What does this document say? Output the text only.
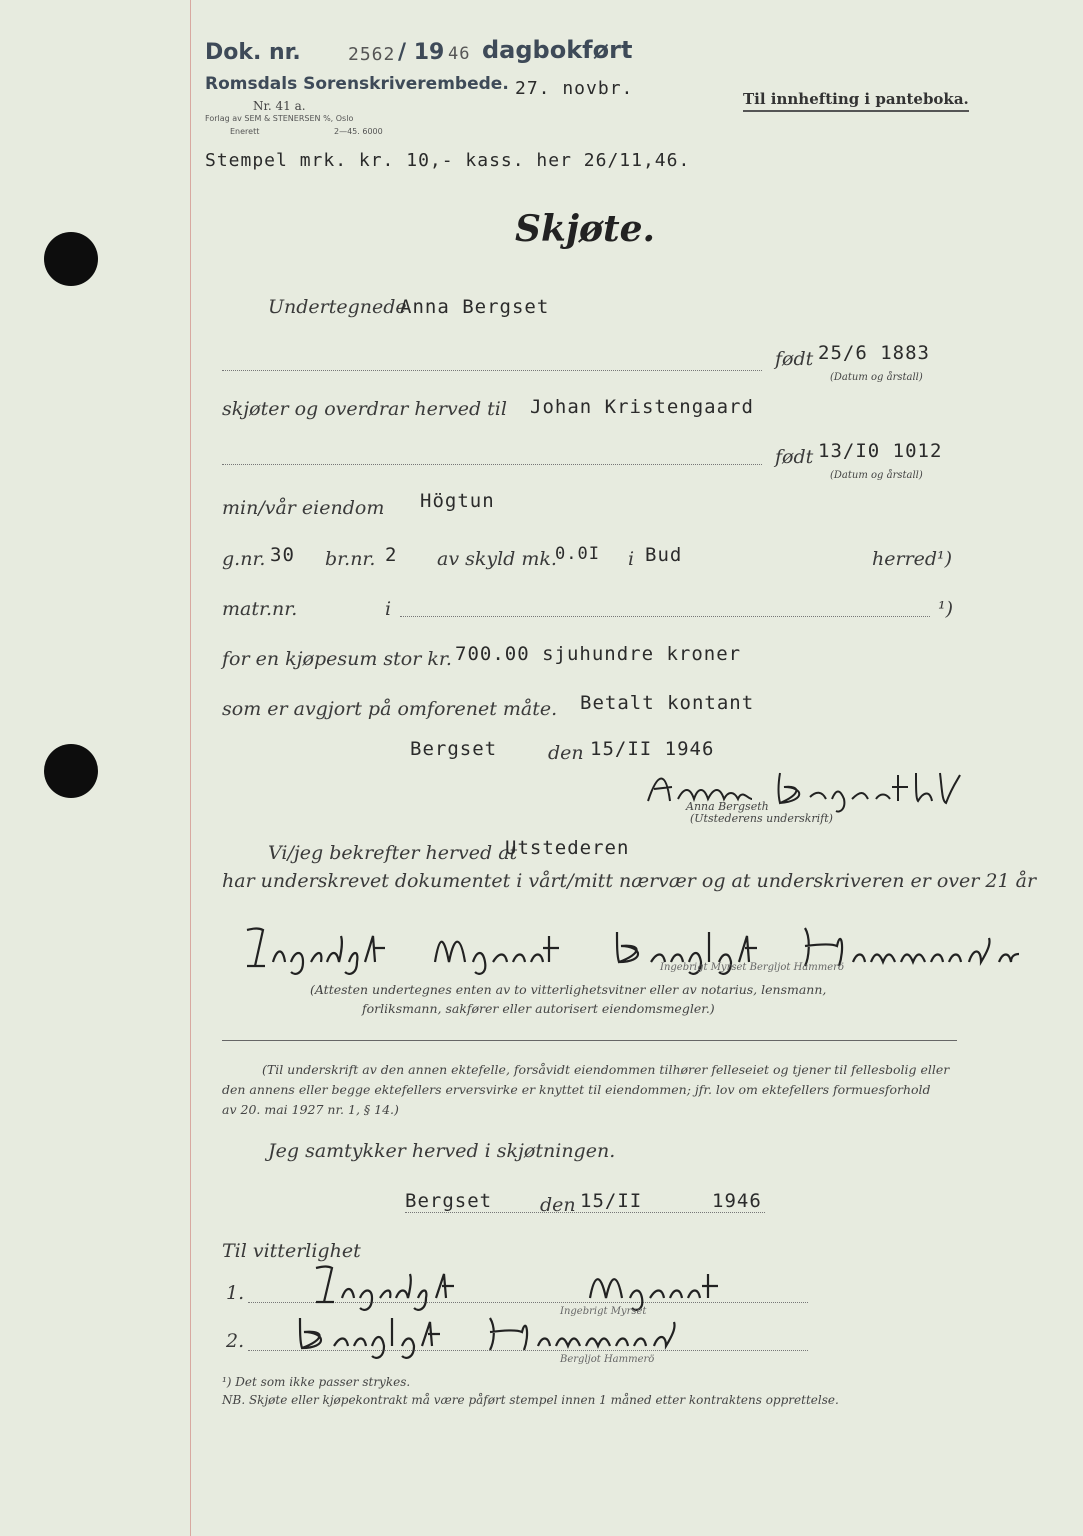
Dok. nr.	2562 / 19 46 dagbokført
Romsdals Sorenskriverembede. 27. novbr.
Nr. 41 a.
Forlag av SEM & STENERSEN %, Oslo
Enerett	2—45. 6000
Til innhefting i panteboka.
Stempel mrk. kr. 10,- kass. her 26/11,46.
Skjøte.
Undertegnede
Anna Bergset
født 25/6 1883
(Datum og årstall)
skjøter og overdrar herved til Johan Kristengaard
født 13/I0 1012
(Datum og årstall)
min/vår eiendom Högtun
g.nr. 30 br.nr. 2 av skyld mk.
0.0I i Bud	herred¹)
matr.nr.	i	¹)
for en kjøpesum stor kr. 700.00 sjuhundre kroner
som er avgjort på omforenet måte. Betalt kontant
Bergset	den 15/II 1946
Anna Bergseth
(Utstederens underskrift)
Vi/jeg bekrefter herved at
Utstederen
har underskrevet dokumentet i vårt/mitt nærvær og at underskriveren er over 21 år
Ingebrigt Myrset Bergljot Hammerö
(Attesten undertegnes enten av to vitterlighetsvitner eller av notarius, lensmann,
forliksmann, sakfører eller autorisert eiendomsmegler.)
(Til underskrift av den annen ektefelle, forsåvidt eiendommen tilhører felleseiet og tjener til fellesbolig eller
den annens eller begge ektefellers erversvirke er knyttet til eiendommen; jfr. lov om ektefellers formuesforhold
av 20. mai 1927 nr. 1, § 14.)
Jeg samtykker herved i skjøtningen.
Bergset	den 15/II	1946
Til vitterlighet
1.
Ingebrigt Myrset
2.
Bergljot Hammerö
¹) Det som ikke passer strykes.
NB. Skjøte eller kjøpekontrakt må være påført stempel innen 1 måned etter kontraktens opprettelse.
